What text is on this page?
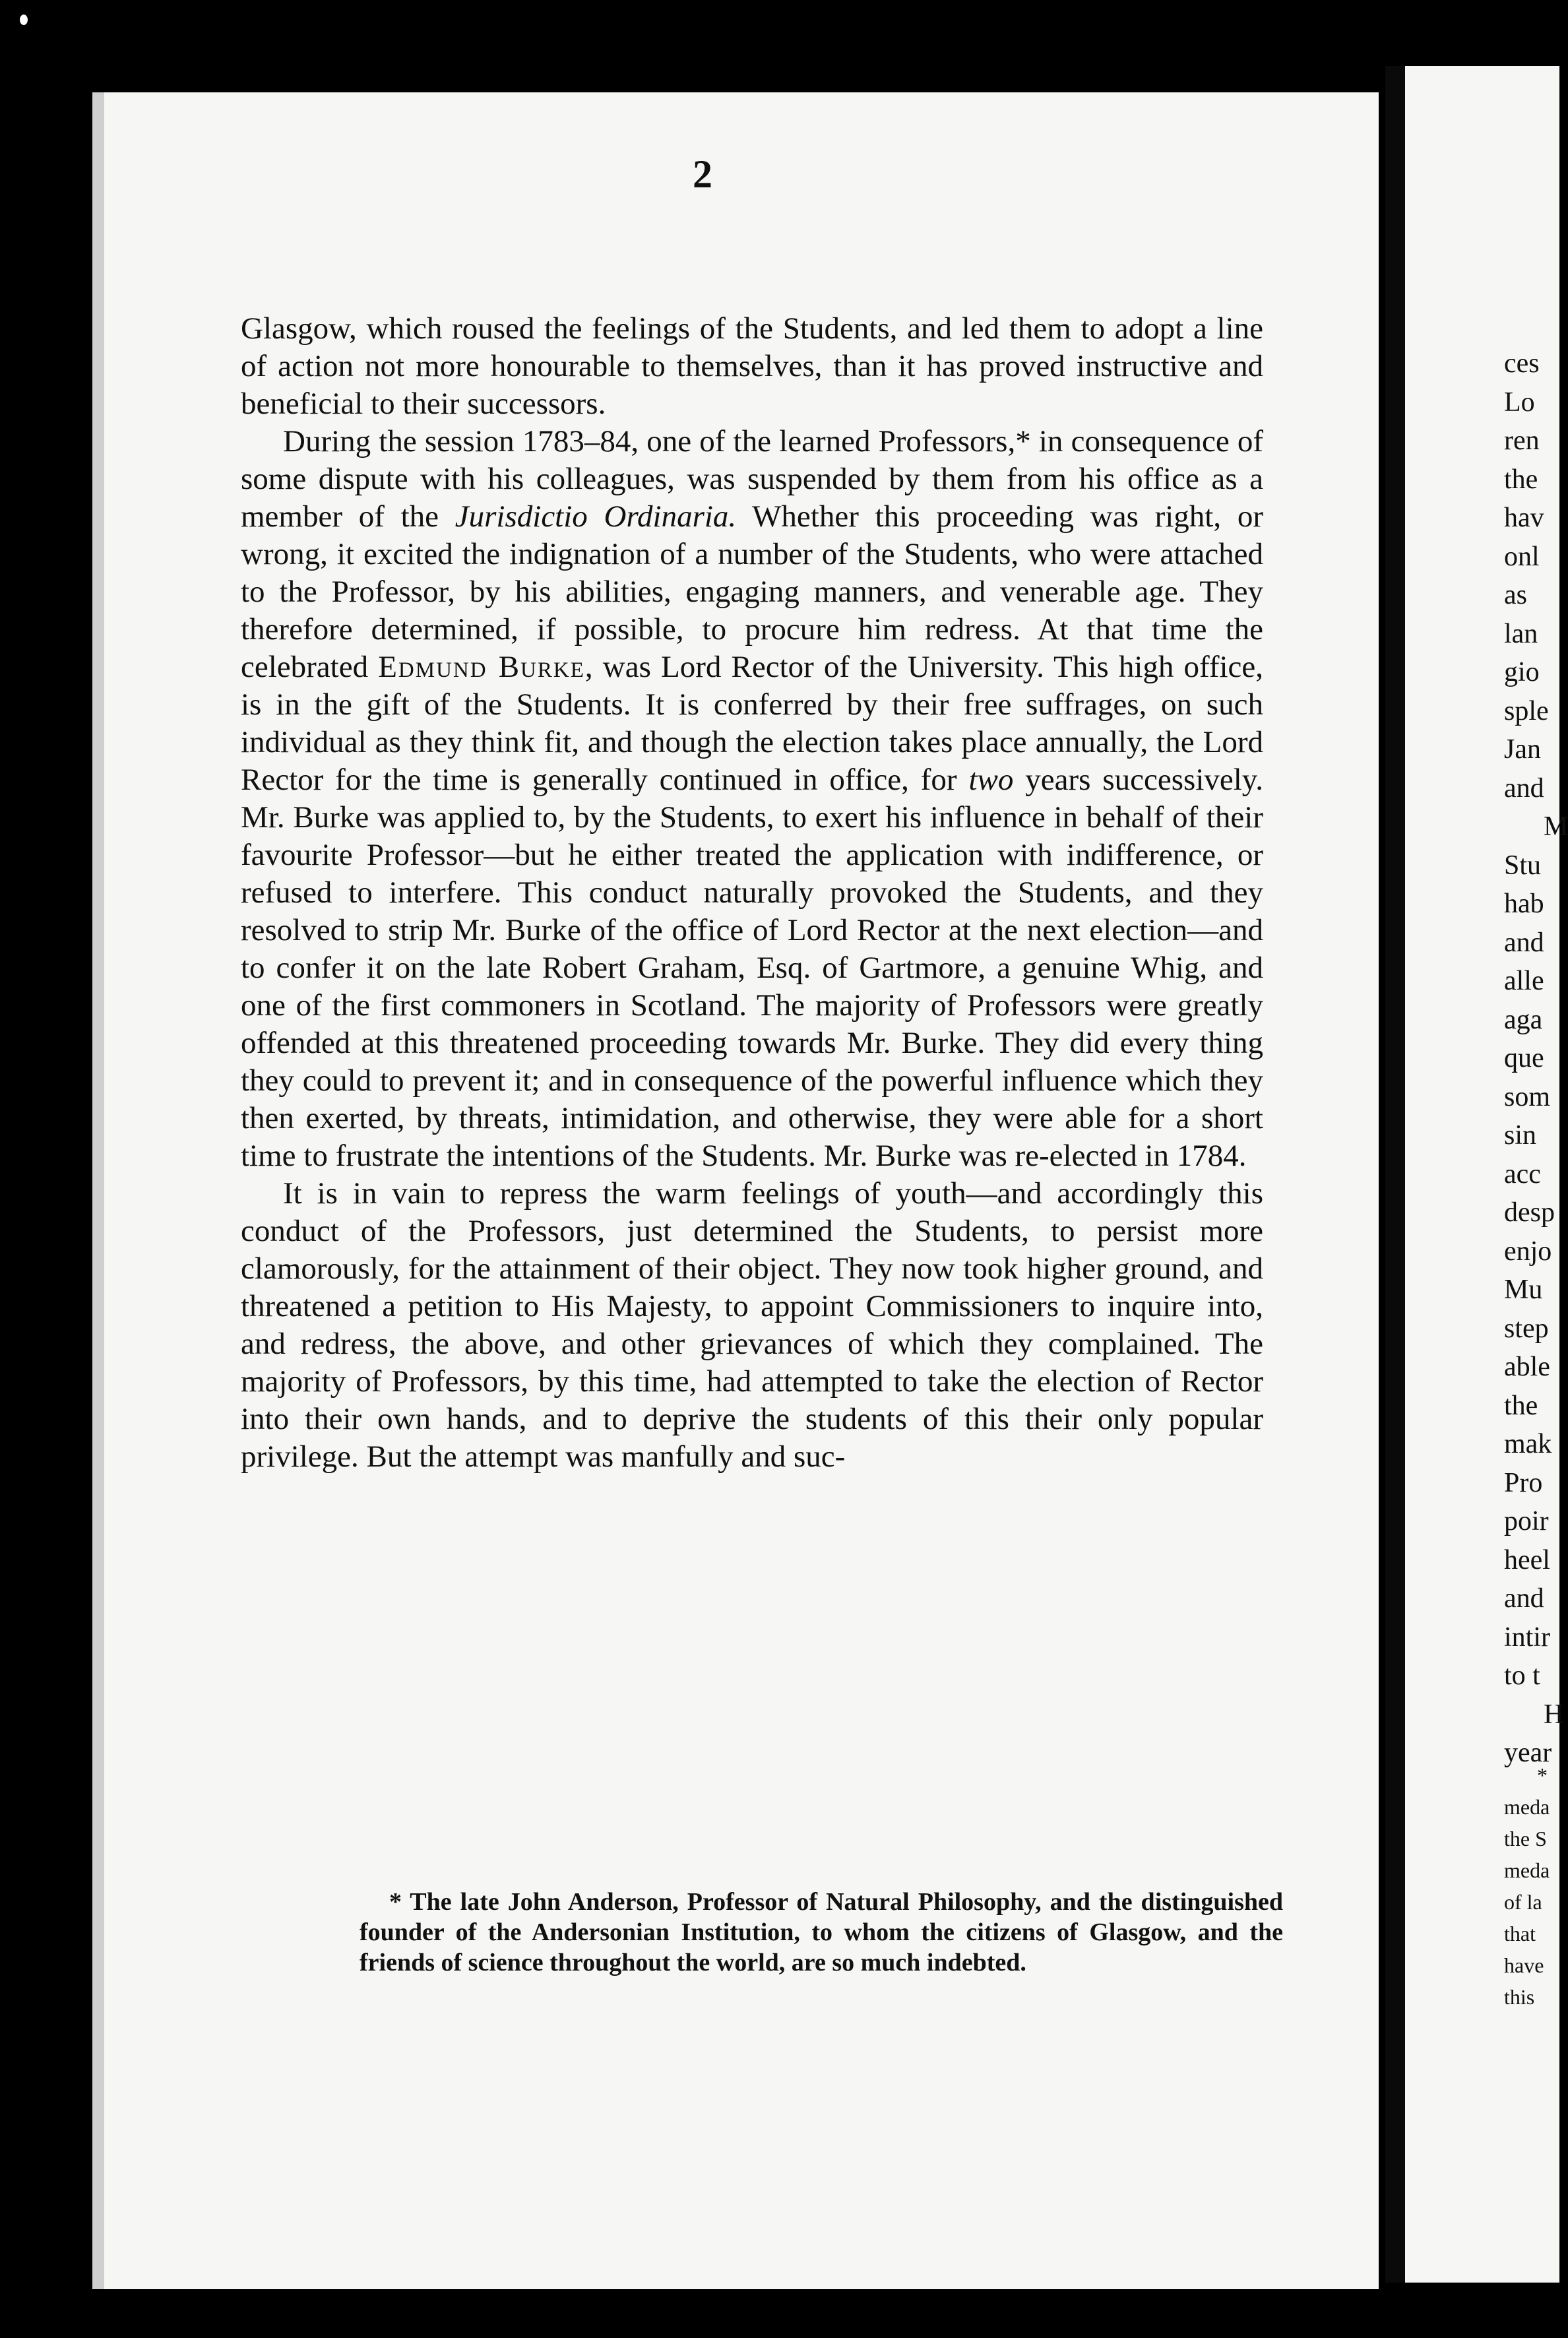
2

Glasgow, which roused the feelings of the Students, and led them to adopt a line of action not more honourable to themselves, than it has proved instructive and beneficial to their successors.

During the session 1783–84, one of the learned Professors,* in consequence of some dispute with his colleagues, was suspended by them from his office as a member of the Jurisdictio Ordinaria. Whether this proceeding was right, or wrong, it excited the indignation of a number of the Students, who were attached to the Professor, by his abilities, engaging manners, and venerable age. They therefore determined, if possible, to procure him redress. At that time the celebrated Edmund Burke, was Lord Rector of the University. This high office, is in the gift of the Students. It is conferred by their free suffrages, on such individual as they think fit, and though the election takes place annually, the Lord Rector for the time is generally continued in office, for two years successively. Mr. Burke was applied to, by the Students, to exert his influence in behalf of their favourite Professor—but he either treated the application with indifference, or refused to interfere. This conduct naturally provoked the Students, and they resolved to strip Mr. Burke of the office of Lord Rector at the next election—and to confer it on the late Robert Graham, Esq. of Gartmore, a genuine Whig, and one of the first commoners in Scotland. The majority of Professors were greatly offended at this threatened proceeding towards Mr. Burke. They did every thing they could to prevent it; and in consequence of the powerful influence which they then exerted, by threats, intimidation, and otherwise, they were able for a short time to frustrate the intentions of the Students. Mr. Burke was re-elected in 1784.

It is in vain to repress the warm feelings of youth—and accordingly this conduct of the Professors, just determined the Students, to persist more clamorously, for the attainment of their object. They now took higher ground, and threatened a petition to His Majesty, to appoint Commissioners to inquire into, and redress, the above, and other grievances of which they complained. The majority of Professors, by this time, had attempted to take the election of Rector into their own hands, and to deprive the students of this their only popular privilege. But the attempt was manfully and suc-

* The late John Anderson, Professor of Natural Philosophy, and the distinguished founder of the Andersonian Institution, to whom the citizens of Glasgow, and the friends of science throughout the world, are so much indebted.

ces
Lo
ren
the
hav
onl
as
lan
gio
sple
Jan
and
M
Stu
hab
and
alle
aga
que
som
sin
acc
desp
enjo
Mu
step
able
the
mak
Pro
poir
heel
and
intir
to t
H
year
*
meda
the S
meda
of la
that
have
this
